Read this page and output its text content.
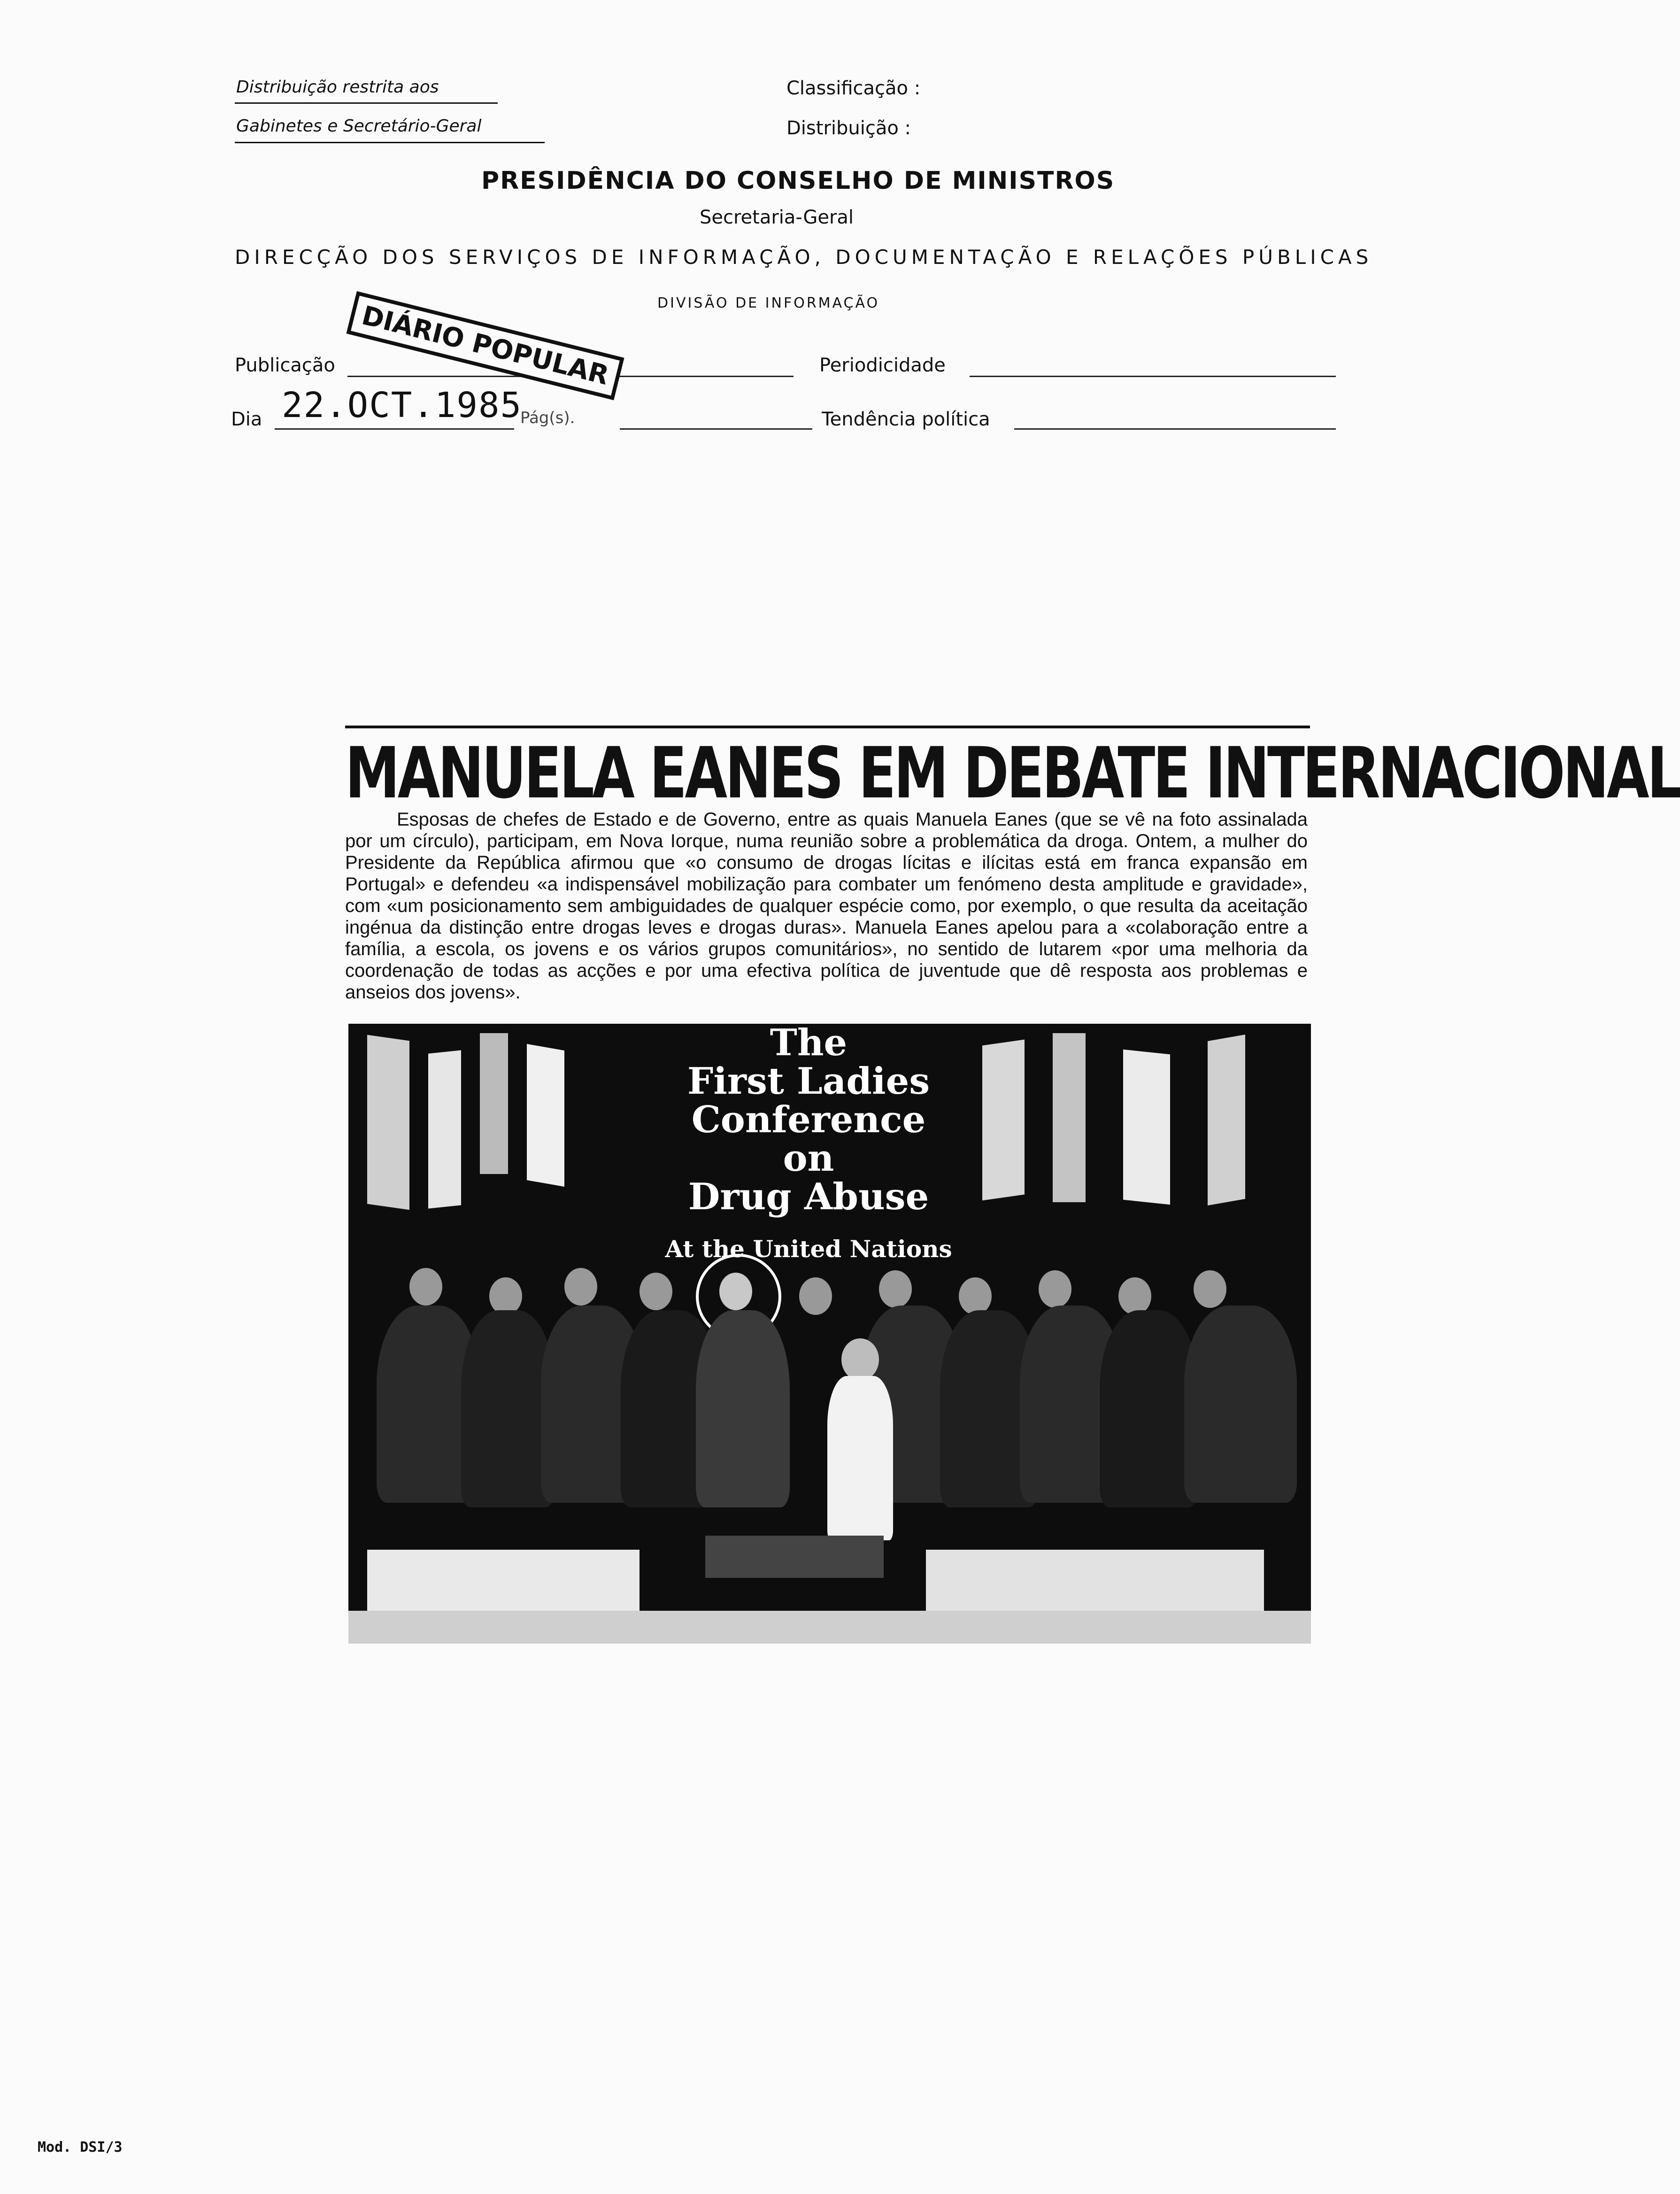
Distribuição restrita aos
Gabinetes e Secretário-Geral
Classificação :
Distribuição :
PRESIDÊNCIA DO CONSELHO DE MINISTROS
Secretaria-Geral
DIRECÇÃO DOS SERVIÇOS DE INFORMAÇÃO, DOCUMENTAÇÃO E RELAÇÕES PÚBLICAS
DIVISÃO DE INFORMAÇÃO
Publicação DIÁRIO POPULAR	Periodicidade
Dia 22.OCT.1985
Pág(s).	Tendência política
MANUELA EANES EM DEBATE INTERNACIONAL
Esposas de chefes de Estado e de Governo, entre as quais Manuela Eanes (que se vê na foto assinalada por um círculo), participam, em Nova Iorque, numa reunião sobre a problemática da droga. Ontem, a mulher do Presidente da República afirmou que «o consumo de drogas lícitas e ilícitas está em franca expansão em Portugal» e defendeu «a indispensável mobilização para combater um fenómeno desta amplitude e gravidade», com «um posicionamento sem ambiguidades de qualquer espécie como, por exemplo, o que resulta da aceitação ingénua da distinção entre drogas leves e drogas duras». Manuela Eanes apelou para a «colaboração entre a família, a escola, os jovens e os vários grupos comunitários», no sentido de lutarem «por uma melhoria da coordenação de todas as acções e por uma efectiva política de juventude que dê resposta aos problemas e anseios dos jovens».
The
First Ladies
Conference
on
Drug Abuse
At the United Nations
Mod. DSI/3
